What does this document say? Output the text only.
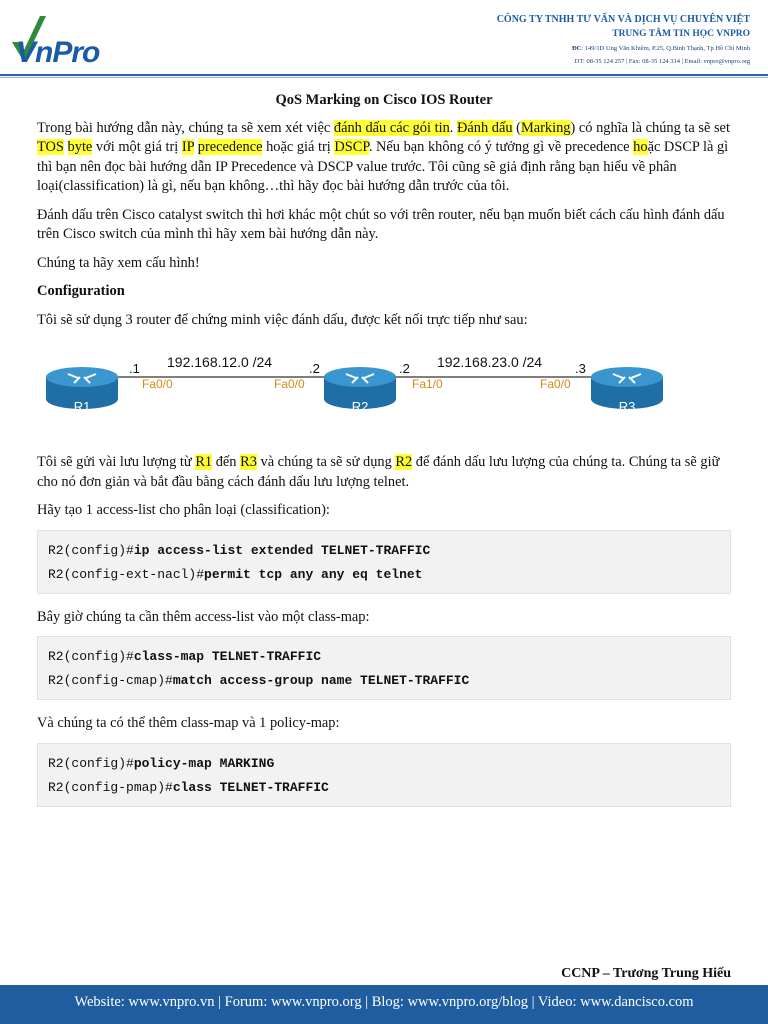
VnPro
CÔNG TY TNHH TƯ VẤN VÀ DỊCH VỤ CHUYÊN VIỆT
TRUNG TÂM TIN HỌC VNPRO
ĐC: 149/1D Ung Văn Khiêm, P.25, Q.Bình Thạnh, Tp Hồ Chí Minh
DT: 08-35 124 257 | Fax: 08-35 124 314 | Email: vnpro@vnpro.org
QoS Marking on Cisco IOS Router

Trong bài hướng dẫn này, chúng ta sẽ xem xét việc đánh dấu các gói tin. Đánh dấu (Marking) có nghĩa là chúng ta sẽ set TOS byte với một giá trị IP precedence hoặc giá trị DSCP. Nếu bạn không có ý tưởng gì về precedence hoặc DSCP là gì thì bạn nên đọc bài hướng dẫn IP Precedence và DSCP value trước. Tôi cũng sẽ giả định rằng bạn hiểu về phân loại(classification) là gì, nếu bạn không…thì hãy đọc bài hướng dẫn trước của tôi.

Đánh dấu trên Cisco catalyst switch thì hơi khác một chút so với trên router, nếu bạn muốn biết cách cấu hình đánh dấu trên Cisco switch của mình thì hãy xem bài hướng dẫn này.

Chúng ta hãy xem cấu hình!

Configuration

Tôi sẽ sử dụng 3 router để chứng minh việc đánh dấu, được kết nối trực tiếp như sau:

R1	R2	R3
192.168.12.0 /24	192.168.23.0 /24
.1
Fa0/0
.2
Fa0/0
.2
Fa1/0
.3
Fa0/0

Tôi sẽ gửi vài lưu lượng từ R1 đến R3 và chúng ta sẽ sử dụng R2 để đánh dấu lưu lượng của chúng ta. Chúng ta sẽ giữ cho nó đơn giản và bắt đầu bằng cách đánh dấu lưu lượng telnet.

Hãy tạo 1 access-list cho phân loại (classification):

R2(config)#ip access-list extended TELNET-TRAFFIC
R2(config-ext-nacl)#permit tcp any any eq telnet

Bây giờ chúng ta cần thêm access-list vào một class-map:

R2(config)#class-map TELNET-TRAFFIC
R2(config-cmap)#match access-group name TELNET-TRAFFIC

Và chúng ta có thể thêm class-map và 1 policy-map:

R2(config)#policy-map MARKING
R2(config-pmap)#class TELNET-TRAFFIC
CCNP – Trương Trung Hiếu
Website: www.vnpro.vn | Forum: www.vnpro.org | Blog: www.vnpro.org/blog | Video: www.dancisco.com
